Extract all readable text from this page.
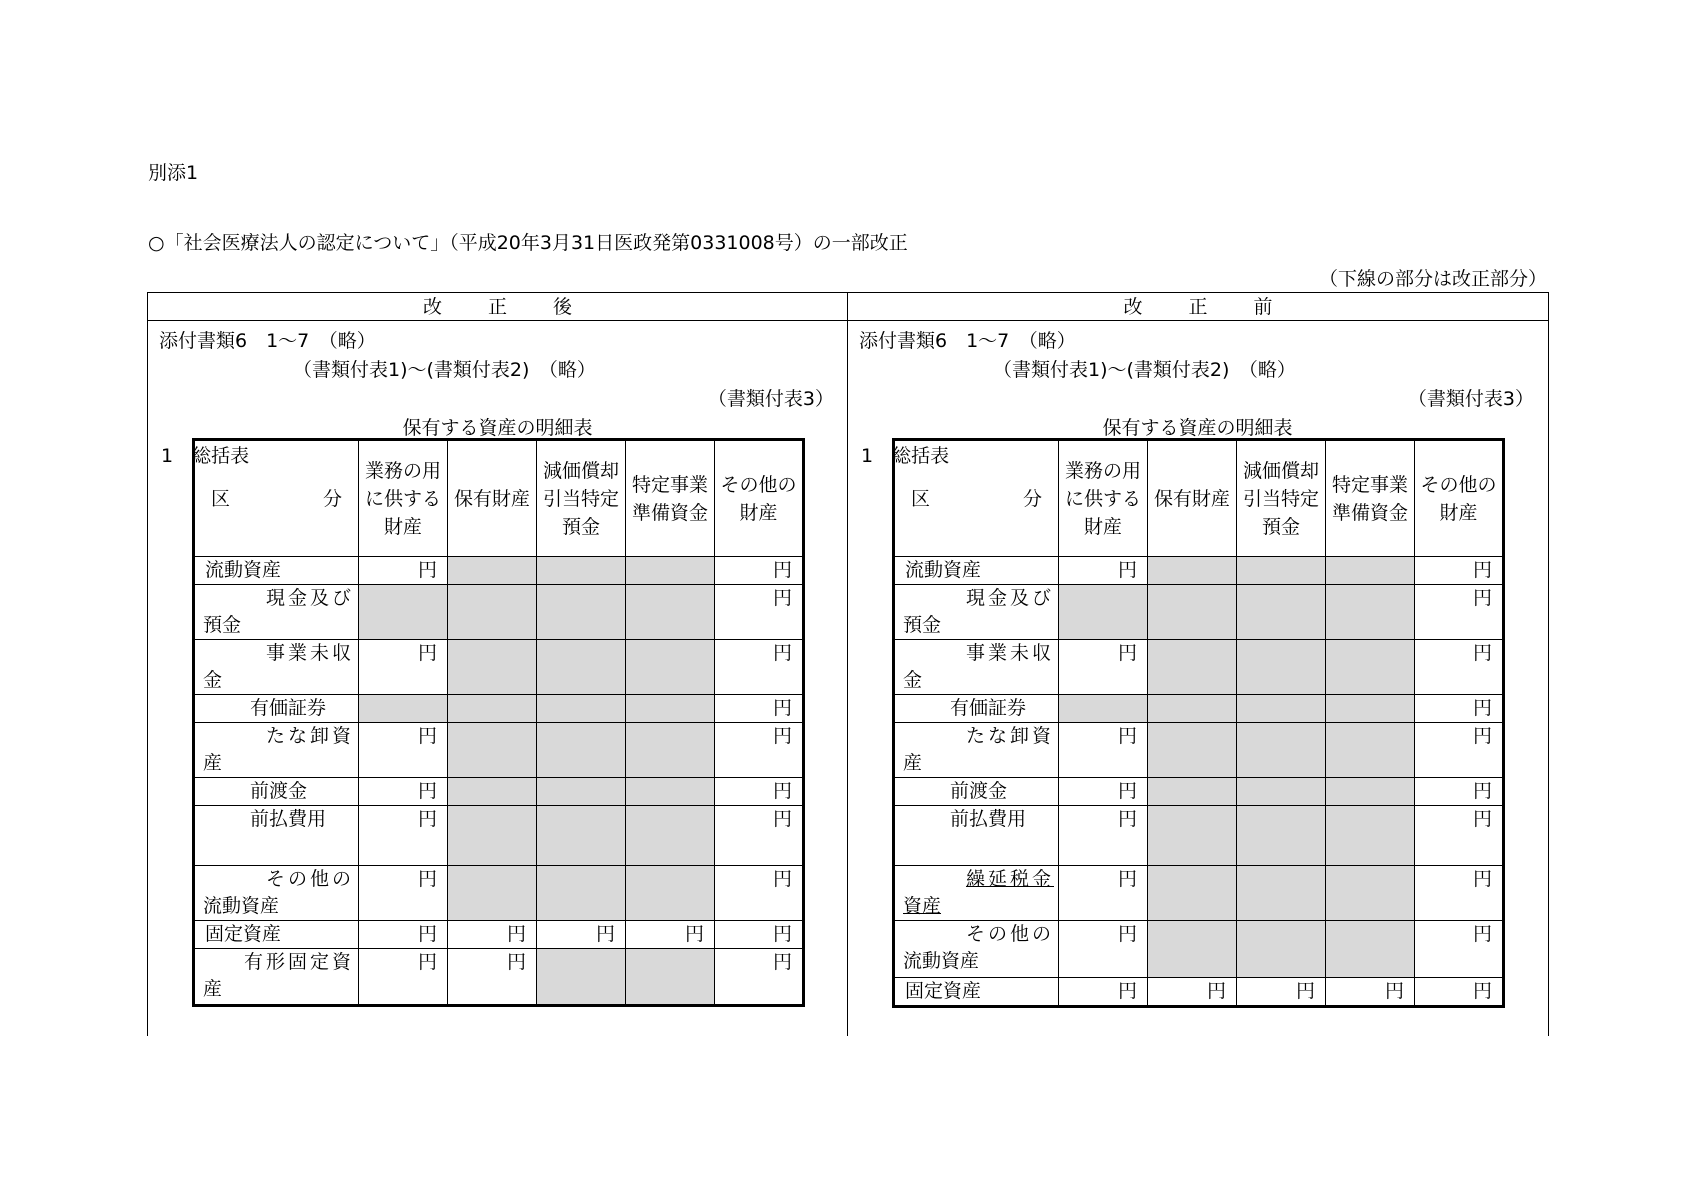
別添1
○「社会医療法人の認定について」（平成20年3月31日医政発第0331008号）の一部改正
（下線の部分は改正部分）
改正後	改正前
添付書類6　1～7　（略）
（書類付表1)～(書類付表2)　（略）
（書類付表3）
保有する資産の明細表
1　総括表
区 分	業務の用に供する財産	保有財産	減価償却引当特定預金	特定事業準備資金	その他の財産
流動資産	円				円

現金及び
預金					円

事業未収
金	円				円
有価証券					円

たな卸資
産	円				円
前渡金	円				円
前払費用	円				円

その他の
流動資産	円				円
固定資産	円	円	円	円	円

有形固定資
産	円	円			円
添付書類6　1～7　（略）
（書類付表1)～(書類付表2)　（略）
（書類付表3）
保有する資産の明細表
1　総括表
区 分	業務の用に供する財産	保有財産	減価償却引当特定預金	特定事業準備資金	その他の財産
流動資産	円				円

現金及び
預金					円

事業未収
金	円				円
有価証券					円

たな卸資
産	円				円
前渡金	円				円
前払費用	円				円

繰延税金
資産	円				円

その他の
流動資産	円				円
固定資産	円	円	円	円	円
